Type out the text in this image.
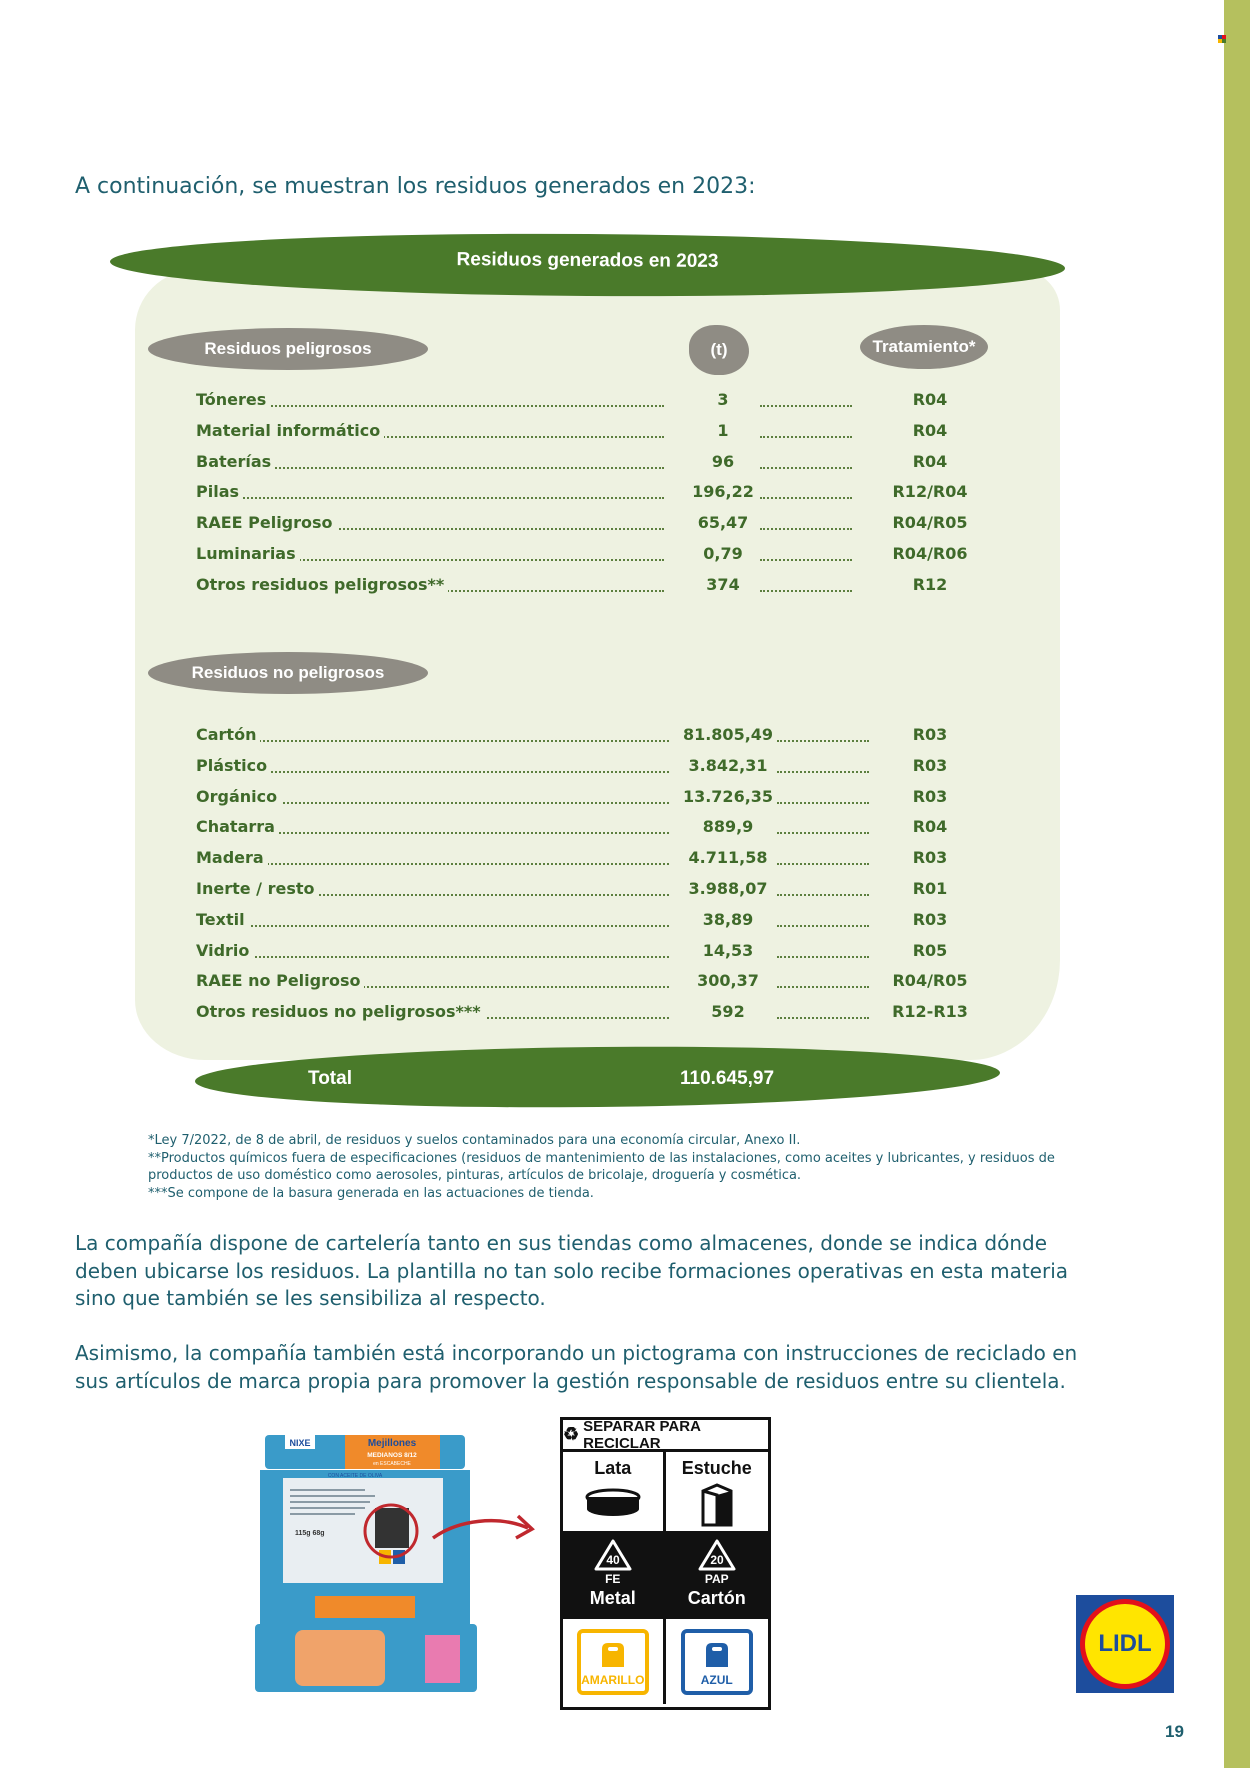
A continuación, se muestran los residuos generados en 2023:

Residuos generados en 2023
Residuos peligrosos	(t)	Tratamiento*
Tóneres	3	R04
Material informático	1	R04
Baterías	96	R04
Pilas	196,22	R12/R04
RAEE Peligroso	65,47	R04/R05
Luminarias	0,79	R04/R06
Otros residuos peligrosos**	374	R12
Residuos no peligrosos
Cartón	81.805,49	R03
Plástico	3.842,31	R03
Orgánico	13.726,35	R03
Chatarra	889,9	R04
Madera	4.711,58	R03
Inerte / resto	3.988,07	R01
Textil	38,89	R03
Vidrio	14,53	R05
RAEE no Peligroso	300,37	R04/R05
Otros residuos no peligrosos***	592	R12-R13
Total	110.645,97

*Ley 7/2022, de 8 de abril, de residuos y suelos contaminados para una economía circular, Anexo II.

**Productos químicos fuera de especificaciones (residuos de mantenimiento de las instalaciones, como aceites y lubricantes, y residuos de productos de uso doméstico como aerosoles, pinturas, artículos de bricolaje, droguería y cosmética.

***Se compone de la basura generada en las actuaciones de tienda.

La compañía dispone de cartelería tanto en sus tiendas como almacenes, donde se indica dónde deben ubicarse los residuos. La plantilla no tan solo recibe formaciones operativas en esta materia sino que también se les sensibiliza al respecto.

Asimismo, la compañía también está incorporando un pictograma con instrucciones de reciclado en sus artículos de marca propia para promover la gestión responsable de residuos entre su clientela.

NIXE	Mejillones
MEDIANOS 8/12
en ESCABECHE
CON ACEITE DE OLIVA
115g 68g
♻ SEPARAR PARA RECICLAR
Lata	Estuche
40
FE
Metal
20
PAP
Cartón
AMARILLO	AZUL
LIDL
19
